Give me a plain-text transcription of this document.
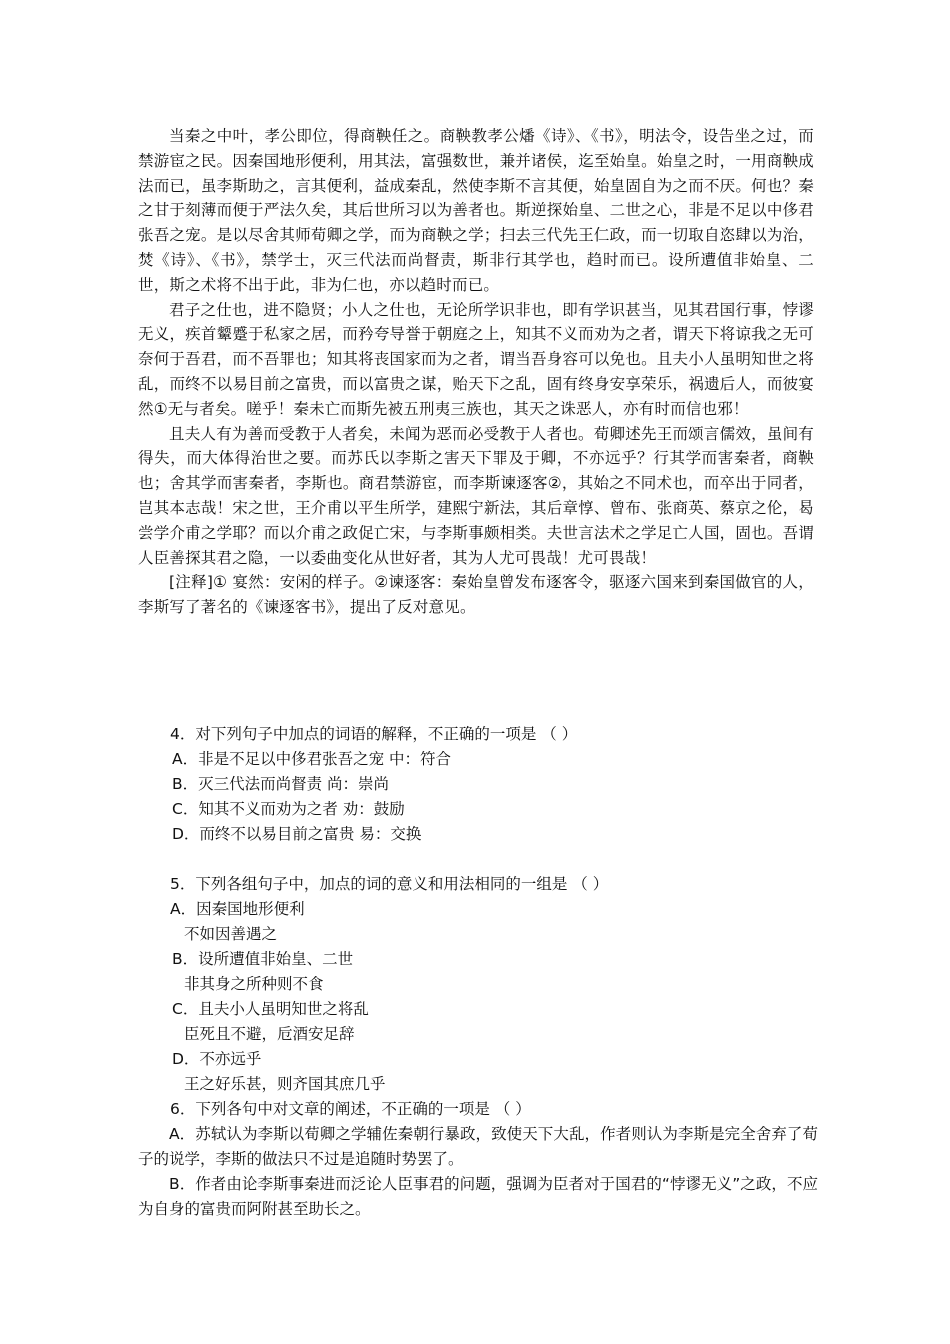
当秦之中叶，孝公即位，得商鞅任之。商鞅教孝公燔《诗》、《书》，明法令，设告坐之过，而禁游宦之民。因秦国地形便利，用其法，富强数世，兼并诸侯，迄至始皇。始皇之时，一用商鞅成法而已，虽李斯助之，言其便利，益成秦乱，然使李斯不言其便，始皇固自为之而不厌。何也？秦之甘于刻薄而便于严法久矣，其后世所习以为善者也。斯逆探始皇、二世之心，非是不足以中侈君张吾之宠。是以尽舍其师荀卿之学，而为商鞅之学；扫去三代先王仁政，而一切取自恣肆以为治，焚《诗》、《书》，禁学士，灭三代法而尚督责，斯非行其学也，趋时而已。设所遭值非始皇、二世，斯之术将不出于此，非为仁也，亦以趋时而已。

君子之仕也，进不隐贤；小人之仕也，无论所学识非也，即有学识甚当，见其君国行事，悖谬无义，疾首颦蹙于私家之居，而矜夸导誉于朝庭之上，知其不义而劝为之者，谓天下将谅我之无可奈何于吾君，而不吾罪也；知其将丧国家而为之者，谓当吾身容可以免也。且夫小人虽明知世之将乱，而终不以易目前之富贵，而以富贵之谋，贻天下之乱，固有终身安享荣乐，祸遗后人，而彼宴然①无与者矣。嗟乎！秦未亡而斯先被五刑夷三族也，其天之诛恶人，亦有时而信也邪！

且夫人有为善而受教于人者矣，未闻为恶而必受教于人者也。荀卿述先王而颂言儒效，虽间有得失，而大体得治世之要。而苏氏以李斯之害天下罪及于卿，不亦远乎？行其学而害秦者，商鞅也；舍其学而害秦者，李斯也。商君禁游宦，而李斯谏逐客②，其始之不同术也，而卒出于同者，岂其本志哉！宋之世，王介甫以平生所学，建熙宁新法，其后章惇、曾布、张商英、蔡京之伦，曷尝学介甫之学耶？而以介甫之政促亡宋，与李斯事颇相类。夫世言法术之学足亡人国，固也。吾谓人臣善探其君之隐，一以委曲变化从世好者，其为人尤可畏哉！尤可畏哉！

[注释]① 宴然：安闲的样子。②谏逐客：秦始皇曾发布逐客令，驱逐六国来到秦国做官的人，李斯写了著名的《谏逐客书》，提出了反对意见。

4．对下列句子中加点的词语的解释，不正确的一项是 （ ）

A．非是不足以中侈君张吾之宠 中：符合

B．灭三代法而尚督责 尚：崇尚

C．知其不义而劝为之者 劝：鼓励

D．而终不以易目前之富贵 易：交换

5．下列各组句子中，加点的词的意义和用法相同的一组是 （ ）

A．因秦国地形便利

不如因善遇之

B．设所遭值非始皇、二世

非其身之所种则不食

C．且夫小人虽明知世之将乱

臣死且不避，卮酒安足辞

D．不亦远乎

王之好乐甚，则齐国其庶几乎

6．下列各句中对文章的阐述，不正确的一项是 （ ）

A．苏轼认为李斯以荀卿之学辅佐秦朝行暴政，致使天下大乱，作者则认为李斯是完全舍弃了荀子的说学，李斯的做法只不过是追随时势罢了。

B．作者由论李斯事秦进而泛论人臣事君的问题，强调为臣者对于国君的“悖谬无义”之政，不应为自身的富贵而阿附甚至助长之。
